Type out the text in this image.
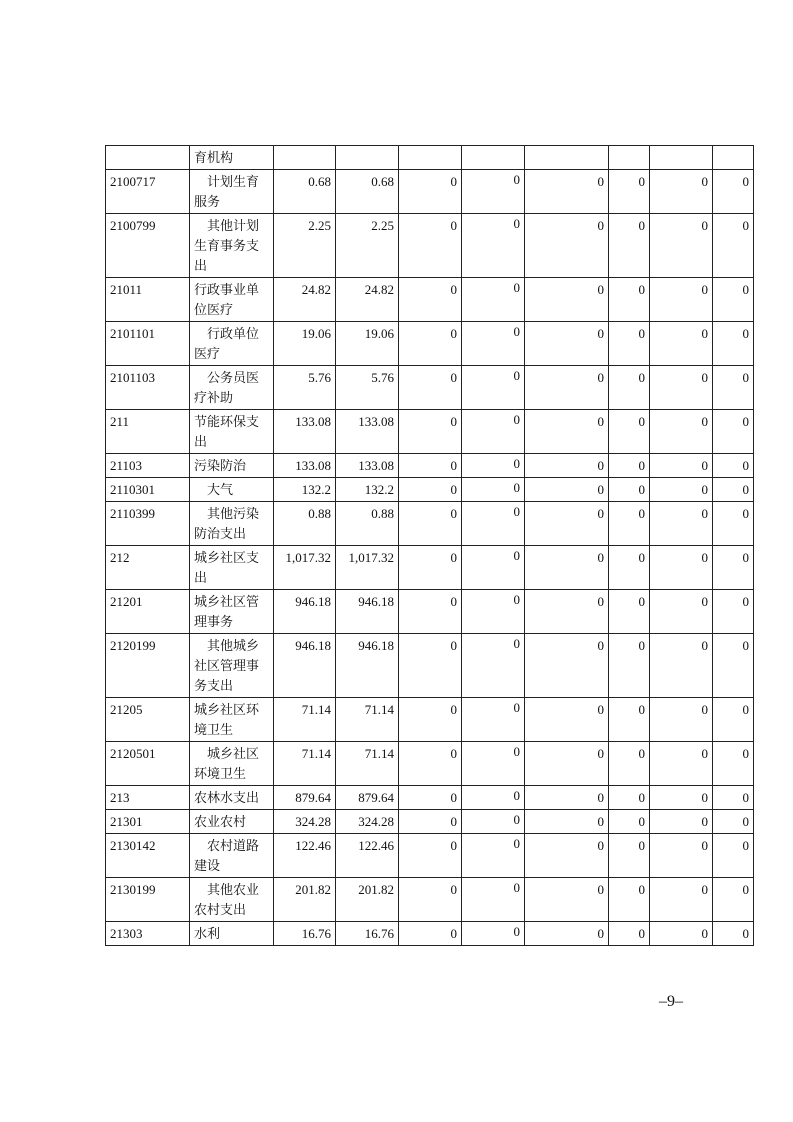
	育机构								
2100717	计划生育服务	0.68	0.68	0	0	0	0	0	0
2100799	其他计划生育事务支出	2.25	2.25	0	0	0	0	0	0
21011	行政事业单位医疗	24.82	24.82	0	0	0	0	0	0
2101101	行政单位医疗	19.06	19.06	0	0	0	0	0	0
2101103	公务员医疗补助	5.76	5.76	0	0	0	0	0	0
211	节能环保支出	133.08	133.08	0	0	0	0	0	0
21103	污染防治	133.08	133.08	0	0	0	0	0	0
2110301	大气	132.2	132.2	0	0	0	0	0	0
2110399	其他污染防治支出	0.88	0.88	0	0	0	0	0	0
212	城乡社区支出	1,017.32	1,017.32	0	0	0	0	0	0
21201	城乡社区管理事务	946.18	946.18	0	0	0	0	0	0
2120199	其他城乡社区管理事务支出	946.18	946.18	0	0	0	0	0	0
21205	城乡社区环境卫生	71.14	71.14	0	0	0	0	0	0
2120501	城乡社区环境卫生	71.14	71.14	0	0	0	0	0	0
213	农林水支出	879.64	879.64	0	0	0	0	0	0
21301	农业农村	324.28	324.28	0	0	0	0	0	0
2130142	农村道路建设	122.46	122.46	0	0	0	0	0	0
2130199	其他农业农村支出	201.82	201.82	0	0	0	0	0	0
21303	水利	16.76	16.76	0	0	0	0	0	0
–9–
